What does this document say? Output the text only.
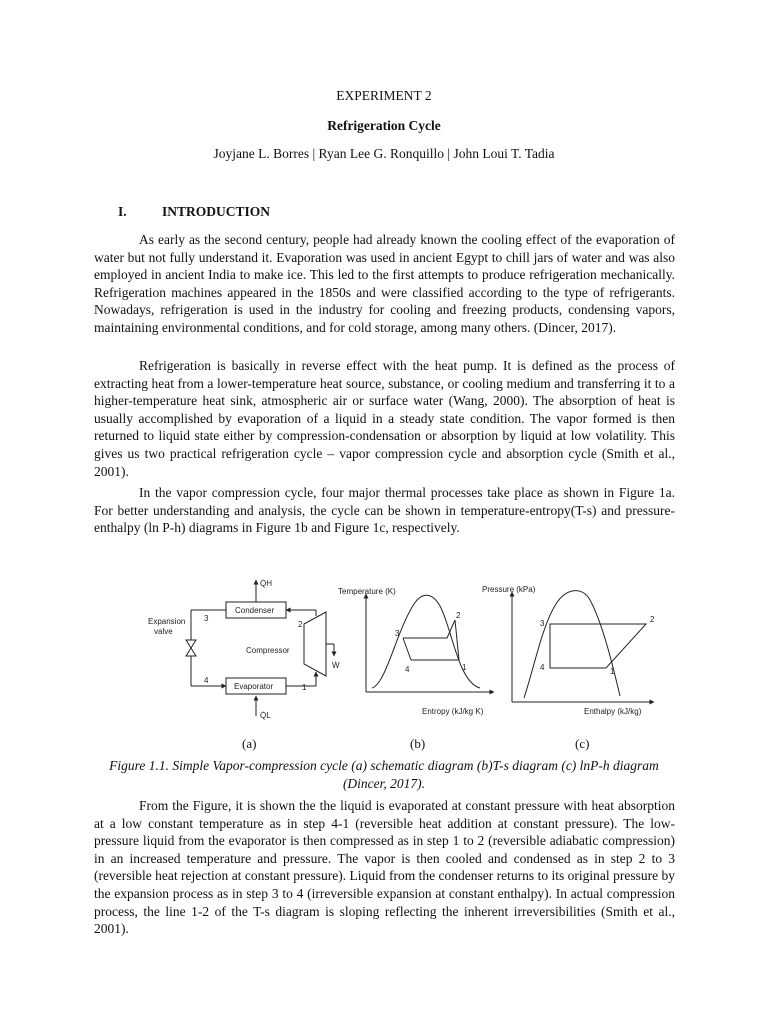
EXPERIMENT 2
Refrigeration Cycle
Joyjane L. Borres | Ryan Lee G. Ronquillo | John Loui T. Tadia
I.	INTRODUCTION

As early as the second century, people had already known the cooling effect of the evaporation of water but not fully understand it. Evaporation was used in ancient Egypt to chill jars of water and was also employed in ancient India to make ice. This led to the first attempts to produce refrigeration mechanically. Refrigeration machines appeared in the 1850s and were classified according to the type of refrigerants. Nowadays, refrigeration is used in the industry for cooling and freezing products, condensing vapors, maintaining environmental conditions, and for cold storage, among many others. (Dincer, 2017).

Refrigeration is basically in reverse effect with the heat pump. It is defined as the process of extracting heat from a lower-temperature heat source, substance, or cooling medium and transferring it to a higher-temperature heat sink, atmospheric air or surface water (Wang, 2000). The absorption of heat is usually accomplished by evaporation of a liquid in a steady state condition. The vapor formed is then returned to liquid state either by compression-condensation or absorption by liquid at low volatility. This gives us two practical refrigeration cycle – vapor compression cycle and absorption cycle (Smith et al., 2001).

In the vapor compression cycle, four major thermal processes take place as shown in Figure 1a. For better understanding and analysis, the cycle can be shown in temperature-entropy(T-s) and pressure-enthalpy (ln P-h) diagrams in Figure 1b and Figure 1c, respectively.

Condenser
Evaporator
Compressor
Expansion
valve
Q̇H
Q̇L
Ẇ
1
2
3
4
Temperature (K)
Entropy (kJ/kg K)
1
2
3
4
Pressure (kPa)
Enthalpy (kJ/kg)
1
2
3
4
(a)	(b)	(c)

Figure 1.1. Simple Vapor-compression cycle (a) schematic diagram (b)T-s diagram (c) lnP-h diagram (Dincer, 2017).

From the Figure, it is shown the the liquid is evaporated at constant pressure with heat absorption at a low constant temperature as in step 4-1 (reversible heat addition at constant pressure). The low-pressure liquid from the evaporator is then compressed as in step 1 to 2 (reversible adiabatic compression) in an increased temperature and pressure. The vapor is then cooled and condensed as in step 2 to 3 (reversible heat rejection at constant pressure). Liquid from the condenser returns to its original pressure by the expansion process as in step 3 to 4 (irreversible expansion at constant enthalpy). In actual compression process, the line 1-2 of the T-s diagram is sloping reflecting the inherent irreversibilities (Smith et al., 2001).
